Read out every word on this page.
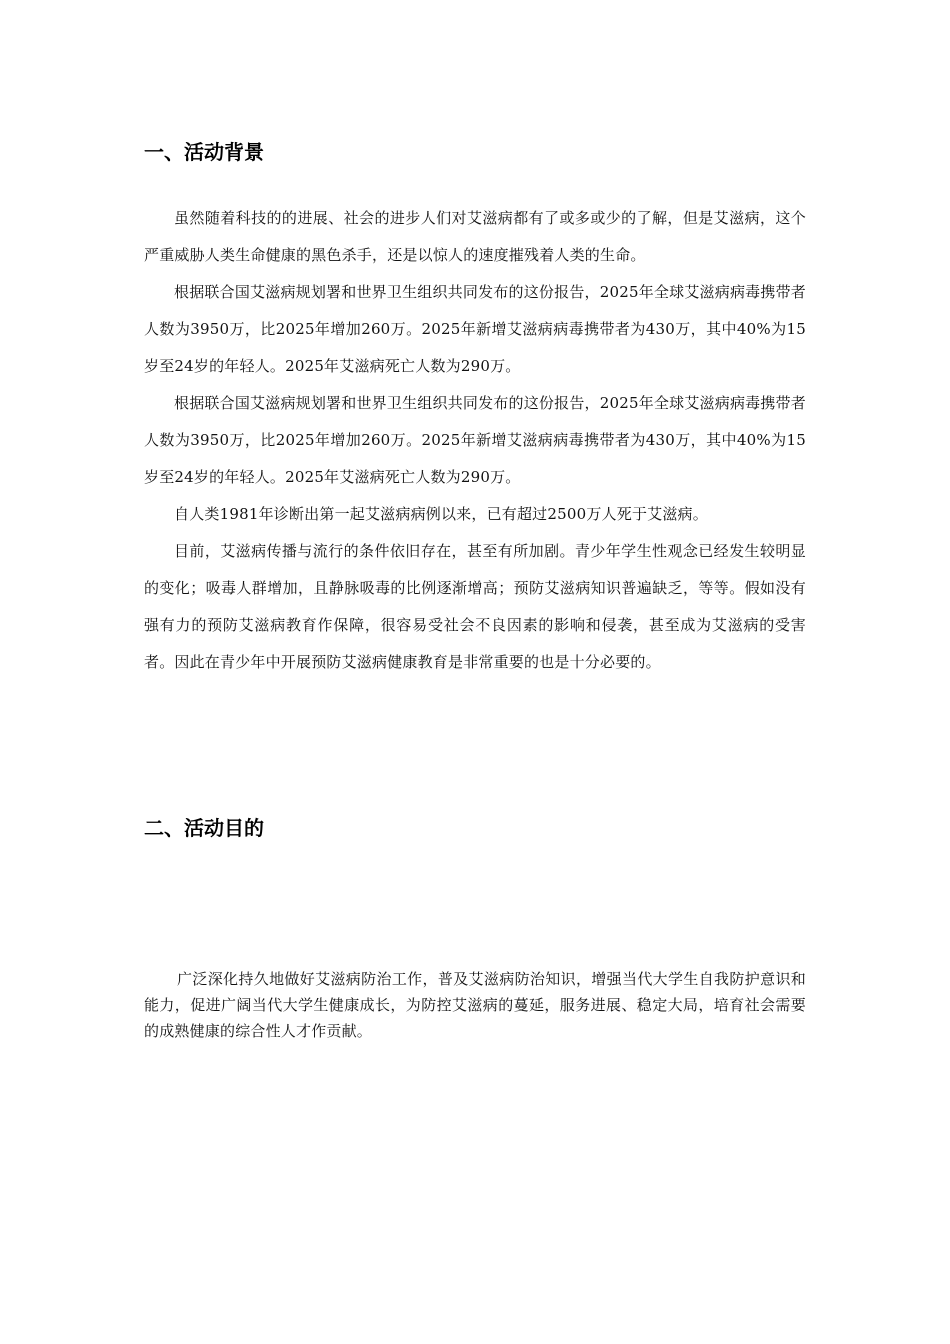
一、活动背景

虽然随着科技的的进展、社会的进步人们对艾滋病都有了或多或少的了解，但是艾滋病，这个严重威胁人类生命健康的黑色杀手，还是以惊人的速度摧残着人类的生命。

根据联合国艾滋病规划署和世界卫生组织共同发布的这份报告，2025年全球艾滋病病毒携带者人数为3950万，比2025年增加260万。2025年新增艾滋病病毒携带者为430万，其中40%为15岁至24岁的年轻人。2025年艾滋病死亡人数为290万。

根据联合国艾滋病规划署和世界卫生组织共同发布的这份报告，2025年全球艾滋病病毒携带者人数为3950万，比2025年增加260万。2025年新增艾滋病病毒携带者为430万，其中40%为15岁至24岁的年轻人。2025年艾滋病死亡人数为290万。

自人类1981年诊断出第一起艾滋病病例以来，已有超过2500万人死于艾滋病。

目前，艾滋病传播与流行的条件依旧存在，甚至有所加剧。青少年学生性观念已经发生较明显的变化；吸毒人群增加，且静脉吸毒的比例逐渐增高；预防艾滋病知识普遍缺乏，等等。假如没有强有力的预防艾滋病教育作保障，很容易受社会不良因素的影响和侵袭，甚至成为艾滋病的受害者。因此在青少年中开展预防艾滋病健康教育是非常重要的也是十分必要的。

二、活动目的

广泛深化持久地做好艾滋病防治工作，普及艾滋病防治知识，增强当代大学生自我防护意识和能力，促进广阔当代大学生健康成长，为防控艾滋病的蔓延，服务进展、稳定大局，培育社会需要的成熟健康的综合性人才作贡献。
